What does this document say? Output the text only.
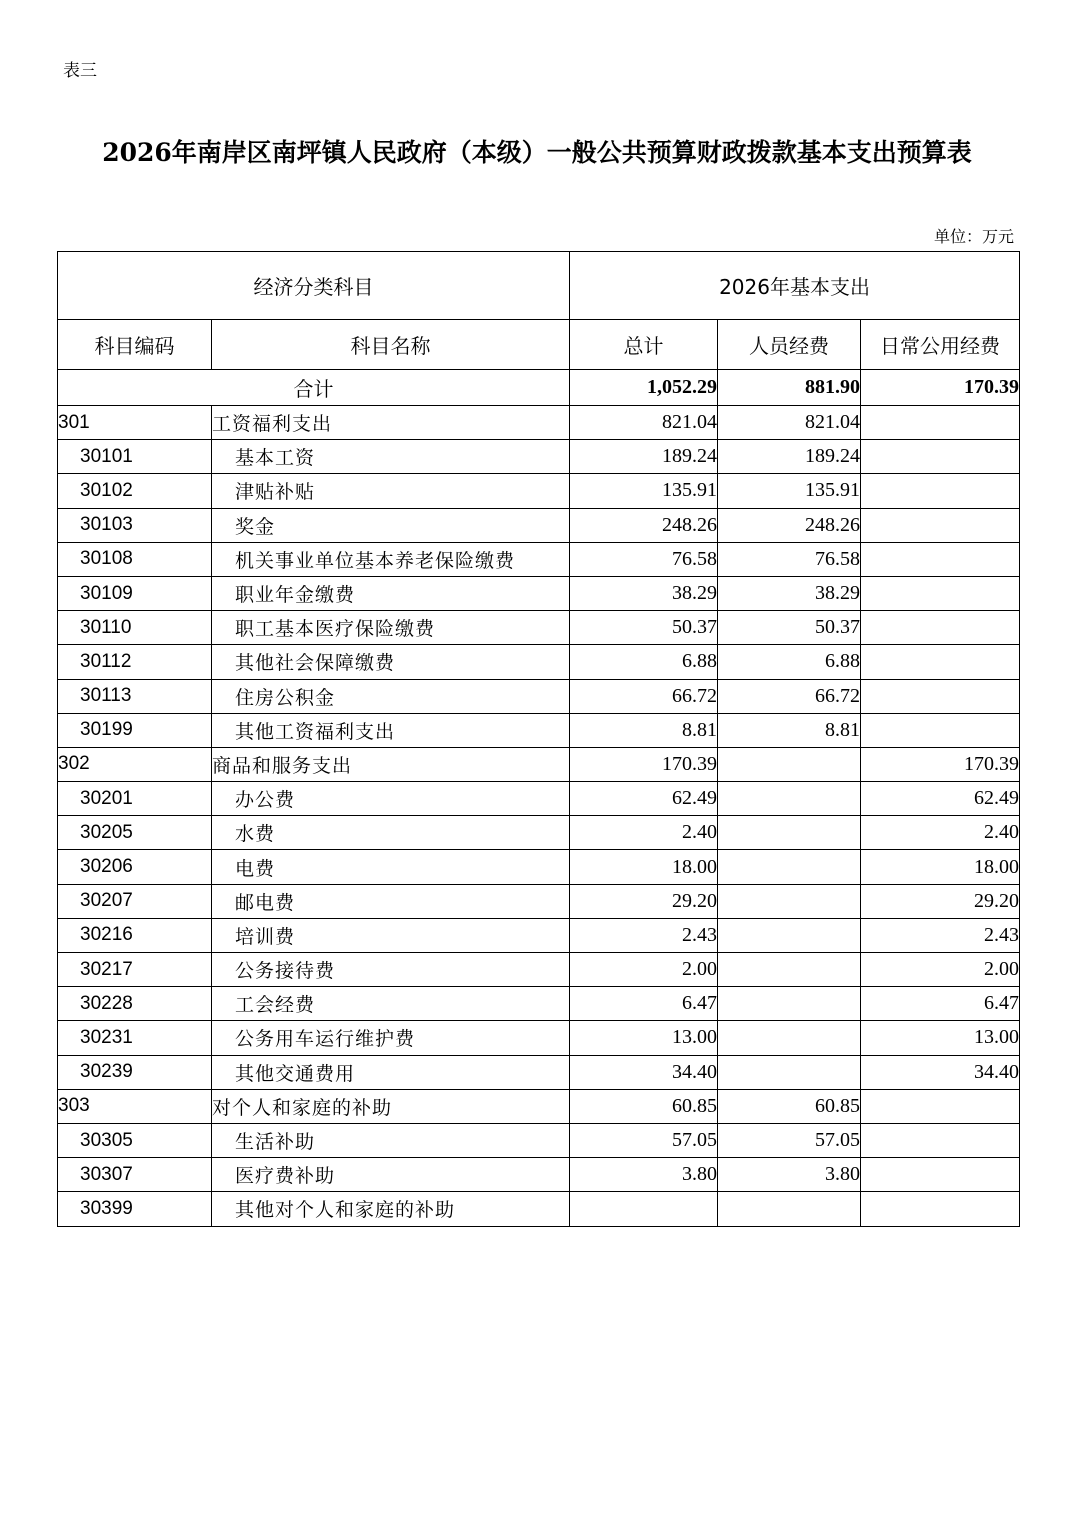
表三
2026年南岸区南坪镇人民政府（本级）一般公共预算财政拨款基本支出预算表
单位：万元
经济分类科目		2026年基本支出		
科目编码	科目名称	总计	人员经费	日常公用经费
合计		1,052.29	881.90	170.39
301	工资福利支出	821.04	821.04	
30101	基本工资	189.24	189.24	
30102	津贴补贴	135.91	135.91	
30103	奖金	248.26	248.26	
30108	机关事业单位基本养老保险缴费	76.58	76.58	
30109	职业年金缴费	38.29	38.29	
30110	职工基本医疗保险缴费	50.37	50.37	
30112	其他社会保障缴费	6.88	6.88	
30113	住房公积金	66.72	66.72	
30199	其他工资福利支出	8.81	8.81	
302	商品和服务支出	170.39		170.39
30201	办公费	62.49		62.49
30205	水费	2.40		2.40
30206	电费	18.00		18.00
30207	邮电费	29.20		29.20
30216	培训费	2.43		2.43
30217	公务接待费	2.00		2.00
30228	工会经费	6.47		6.47
30231	公务用车运行维护费	13.00		13.00
30239	其他交通费用	34.40		34.40
303	对个人和家庭的补助	60.85	60.85	
30305	生活补助	57.05	57.05	
30307	医疗费补助	3.80	3.80	
30399	其他对个人和家庭的补助			
